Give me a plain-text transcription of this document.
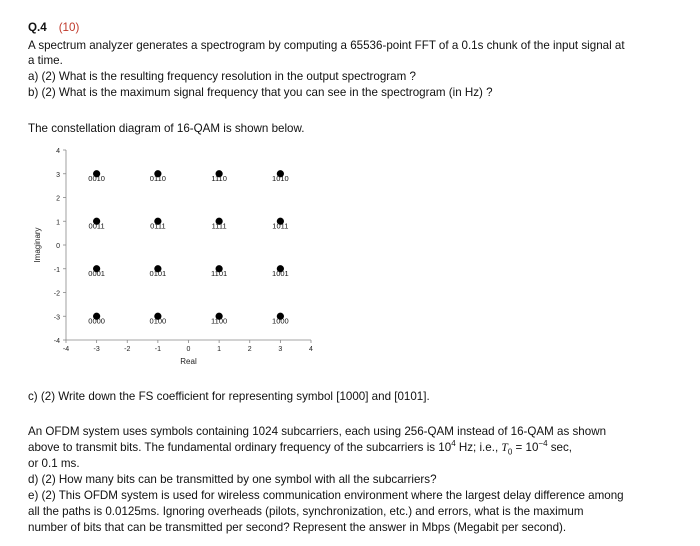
Q.4 (10)
A spectrum analyzer generates a spectrogram by computing a 65536-point FFT of a 0.1s chunk of the input signal at
a time.
a) (2) What is the resulting frequency resolution in the output spectrogram ?
b) (2) What is the maximum signal frequency that you can see in the spectrogram (in Hz) ?
The constellation diagram of 16-QAM is shown below.
4
3
2
1
0
-1
-2
-3
-4
-4	-3	-2	-1	0	1	2	3	4
Real
Imaginary
0010	0110	1110	1010
0011	0111	1111	1011
0001	0101	1101	1001
0000	0100	1100	1000
c) (2) Write down the FS coefficient for representing symbol [1000] and [0101].
An OFDM system uses symbols containing 1024 subcarriers, each using 256-QAM instead of 16-QAM as shown
above to transmit bits. The fundamental ordinary frequency of the subcarriers is $10^4$ Hz; i.e., $T_0 = 10^{-4}$ sec,
or 0.1 ms.
d) (2) How many bits can be transmitted by one symbol with all the subcarriers?
e) (2) This OFDM system is used for wireless communication environment where the largest delay difference among
all the paths is 0.0125ms. Ignoring overheads (pilots, synchronization, etc.) and errors, what is the maximum
number of bits that can be transmitted per second? Represent the answer in Mbps (Megabit per second).
